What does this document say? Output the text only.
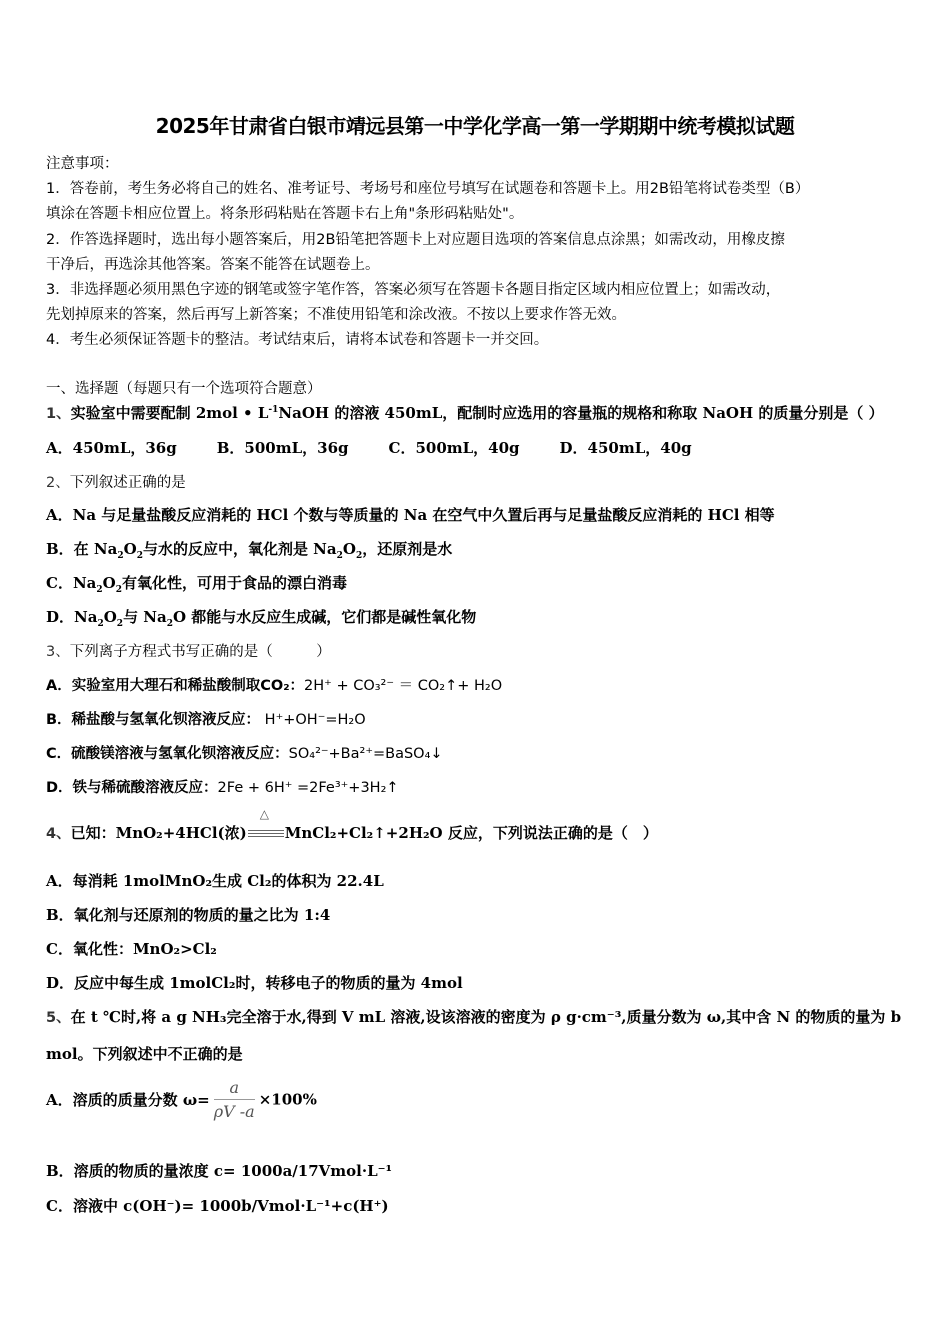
2025年甘肃省白银市靖远县第一中学化学高一第一学期期中统考模拟试题
注意事项：
1．答卷前，考生务必将自己的姓名、准考证号、考场号和座位号填写在试题卷和答题卡上。用2B铅笔将试卷类型（B）
填涂在答题卡相应位置上。将条形码粘贴在答题卡右上角"条形码粘贴处"。
2．作答选择题时，选出每小题答案后，用2B铅笔把答题卡上对应题目选项的答案信息点涂黑；如需改动，用橡皮擦
干净后，再选涂其他答案。答案不能答在试题卷上。
3．非选择题必须用黑色字迹的钢笔或签字笔作答，答案必须写在答题卡各题目指定区域内相应位置上；如需改动，
先划掉原来的答案，然后再写上新答案；不准使用铅笔和涂改液。不按以上要求作答无效。
4．考生必须保证答题卡的整洁。考试结束后，请将本试卷和答题卡一并交回。
一、选择题（每题只有一个选项符合题意）
1、实验室中需要配制 2mol • $L^{-1}NaOH$ 的溶液 450mL，配制时应选用的容量瓶的规格和称取 NaOH 的质量分别是（ ）
A．450mL，36g	B．500mL，36g	C．500mL，40g	D．450mL，40g
2、下列叙述正确的是
A．Na 与足量盐酸反应消耗的 HCl 个数与等质量的 Na 在空气中久置后再与足量盐酸反应消耗的 HCl 相等
B．在 $Na_2O_2$与水的反应中，氧化剂是 $Na_2O_2$，还原剂是水
C．$Na_2O_2$有氧化性，可用于食品的漂白消毒
D．$Na_2O_2$与 $Na_2O$ 都能与水反应生成碱，它们都是碱性氧化物
3、下列离子方程式书写正确的是（　　　）
A．实验室用大理石和稀盐酸制取CO₂：2H⁺ + CO₃²⁻ ＝ CO₂↑+ H₂O
B．稀盐酸与氢氧化钡溶液反应： H⁺+OH⁻=H₂O
C．硫酸镁溶液与氢氧化钡溶液反应：SO₄²⁻+Ba²⁺=BaSO₄↓
D．铁与稀硫酸溶液反应：2Fe + 6H⁺ =2Fe³⁺+3H₂↑
4、已知：MnO₂+4HCl(浓)
△
MnCl₂+Cl₂↑+2H₂O 反应，下列说法正确的是（　）
A．每消耗 1molMnO₂生成 Cl₂的体积为 22.4L
B．氧化剂与还原剂的物质的量之比为 1:4
C．氧化性：MnO₂>Cl₂
D．反应中每生成 1molCl₂时，转移电子的物质的量为 4mol
5、在 t ℃时,将 a g NH₃完全溶于水,得到 V mL 溶液,设该溶液的密度为 ρ g·cm⁻³,质量分数为 ω,其中含 N 的物质的量为 b
mol。下列叙述中不正确的是
A．溶质的质量分数 $\omega= \frac{a}{\rho V -a} \times 100\%$
B．溶质的物质的量浓度 c= 1000a/17Vmol·L⁻¹
C．溶液中 c(OH⁻)= 1000b/Vmol·L⁻¹+c(H⁺)
